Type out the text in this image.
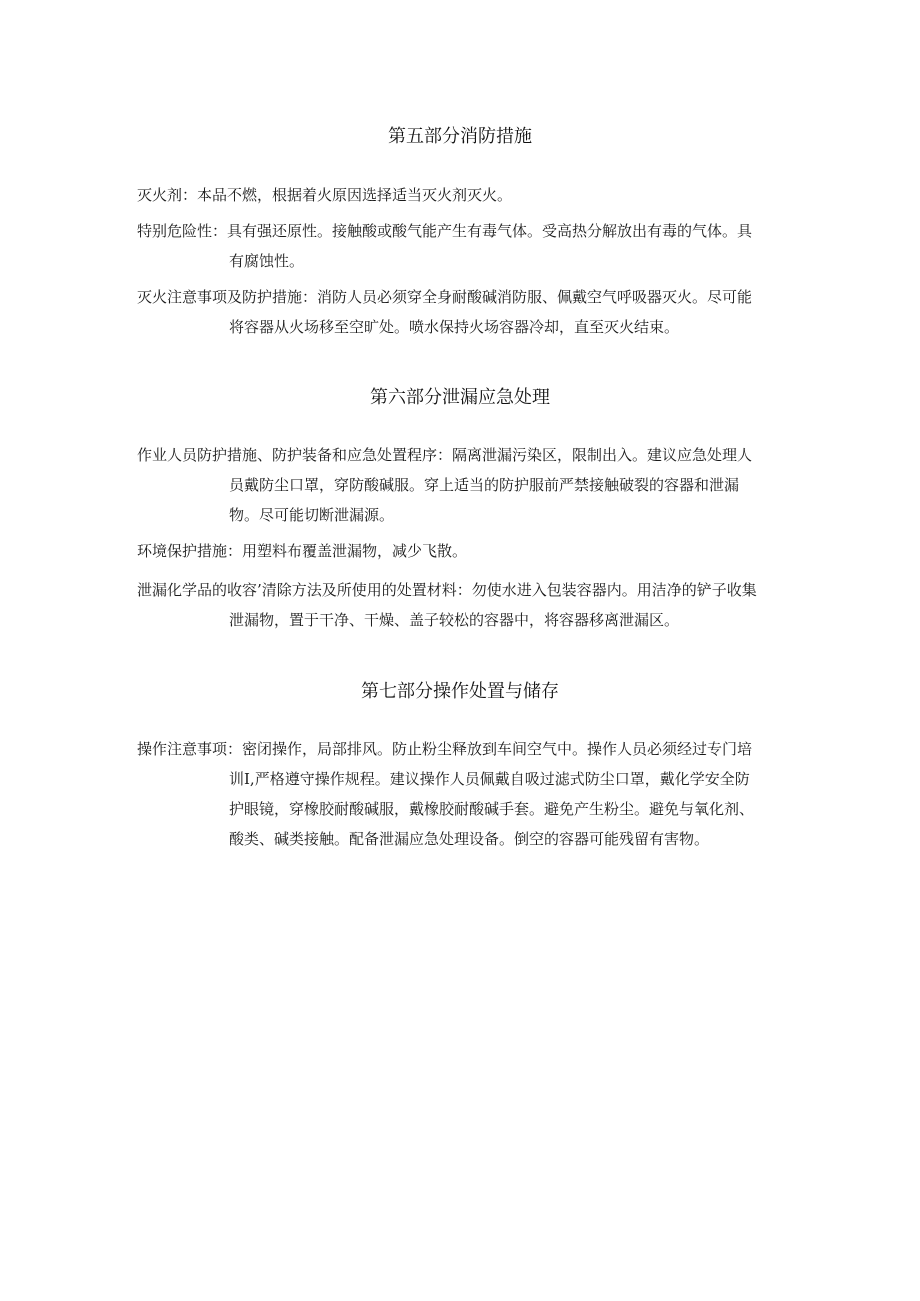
第五部分消防措施
灭火剂：本品不燃，根据着火原因选择适当灭火剂灭火。
特别危险性：具有强还原性。接触酸或酸气能产生有毒气体。受高热分解放出有毒的气体。具
有腐蚀性。
灭火注意事项及防护措施：消防人员必须穿全身耐酸碱消防服、佩戴空气呼吸器灭火。尽可能
将容器从火场移至空旷处。喷水保持火场容器冷却，直至灭火结束。
第六部分泄漏应急处理
作业人员防护措施、防护装备和应急处置程序：隔离泄漏污染区，限制出入。建议应急处理人
员戴防尘口罩，穿防酸碱服。穿上适当的防护服前严禁接触破裂的容器和泄漏
物。尽可能切断泄漏源。
环境保护措施：用塑料布覆盖泄漏物，减少飞散。
泄漏化学品的收容’清除方法及所使用的处置材料：勿使水进入包装容器内。用洁净的铲子收集
泄漏物，置于干净、干燥、盖子较松的容器中，将容器移离泄漏区。
第七部分操作处置与储存
操作注意事项：密闭操作，局部排风。防止粉尘释放到车间空气中。操作人员必须经过专门培
训I,严格遵守操作规程。建议操作人员佩戴自吸过滤式防尘口罩，戴化学安全防
护眼镜，穿橡胶耐酸碱服，戴橡胶耐酸碱手套。避免产生粉尘。避免与氧化剂、
酸类、碱类接触。配备泄漏应急处理设备。倒空的容器可能残留有害物。
